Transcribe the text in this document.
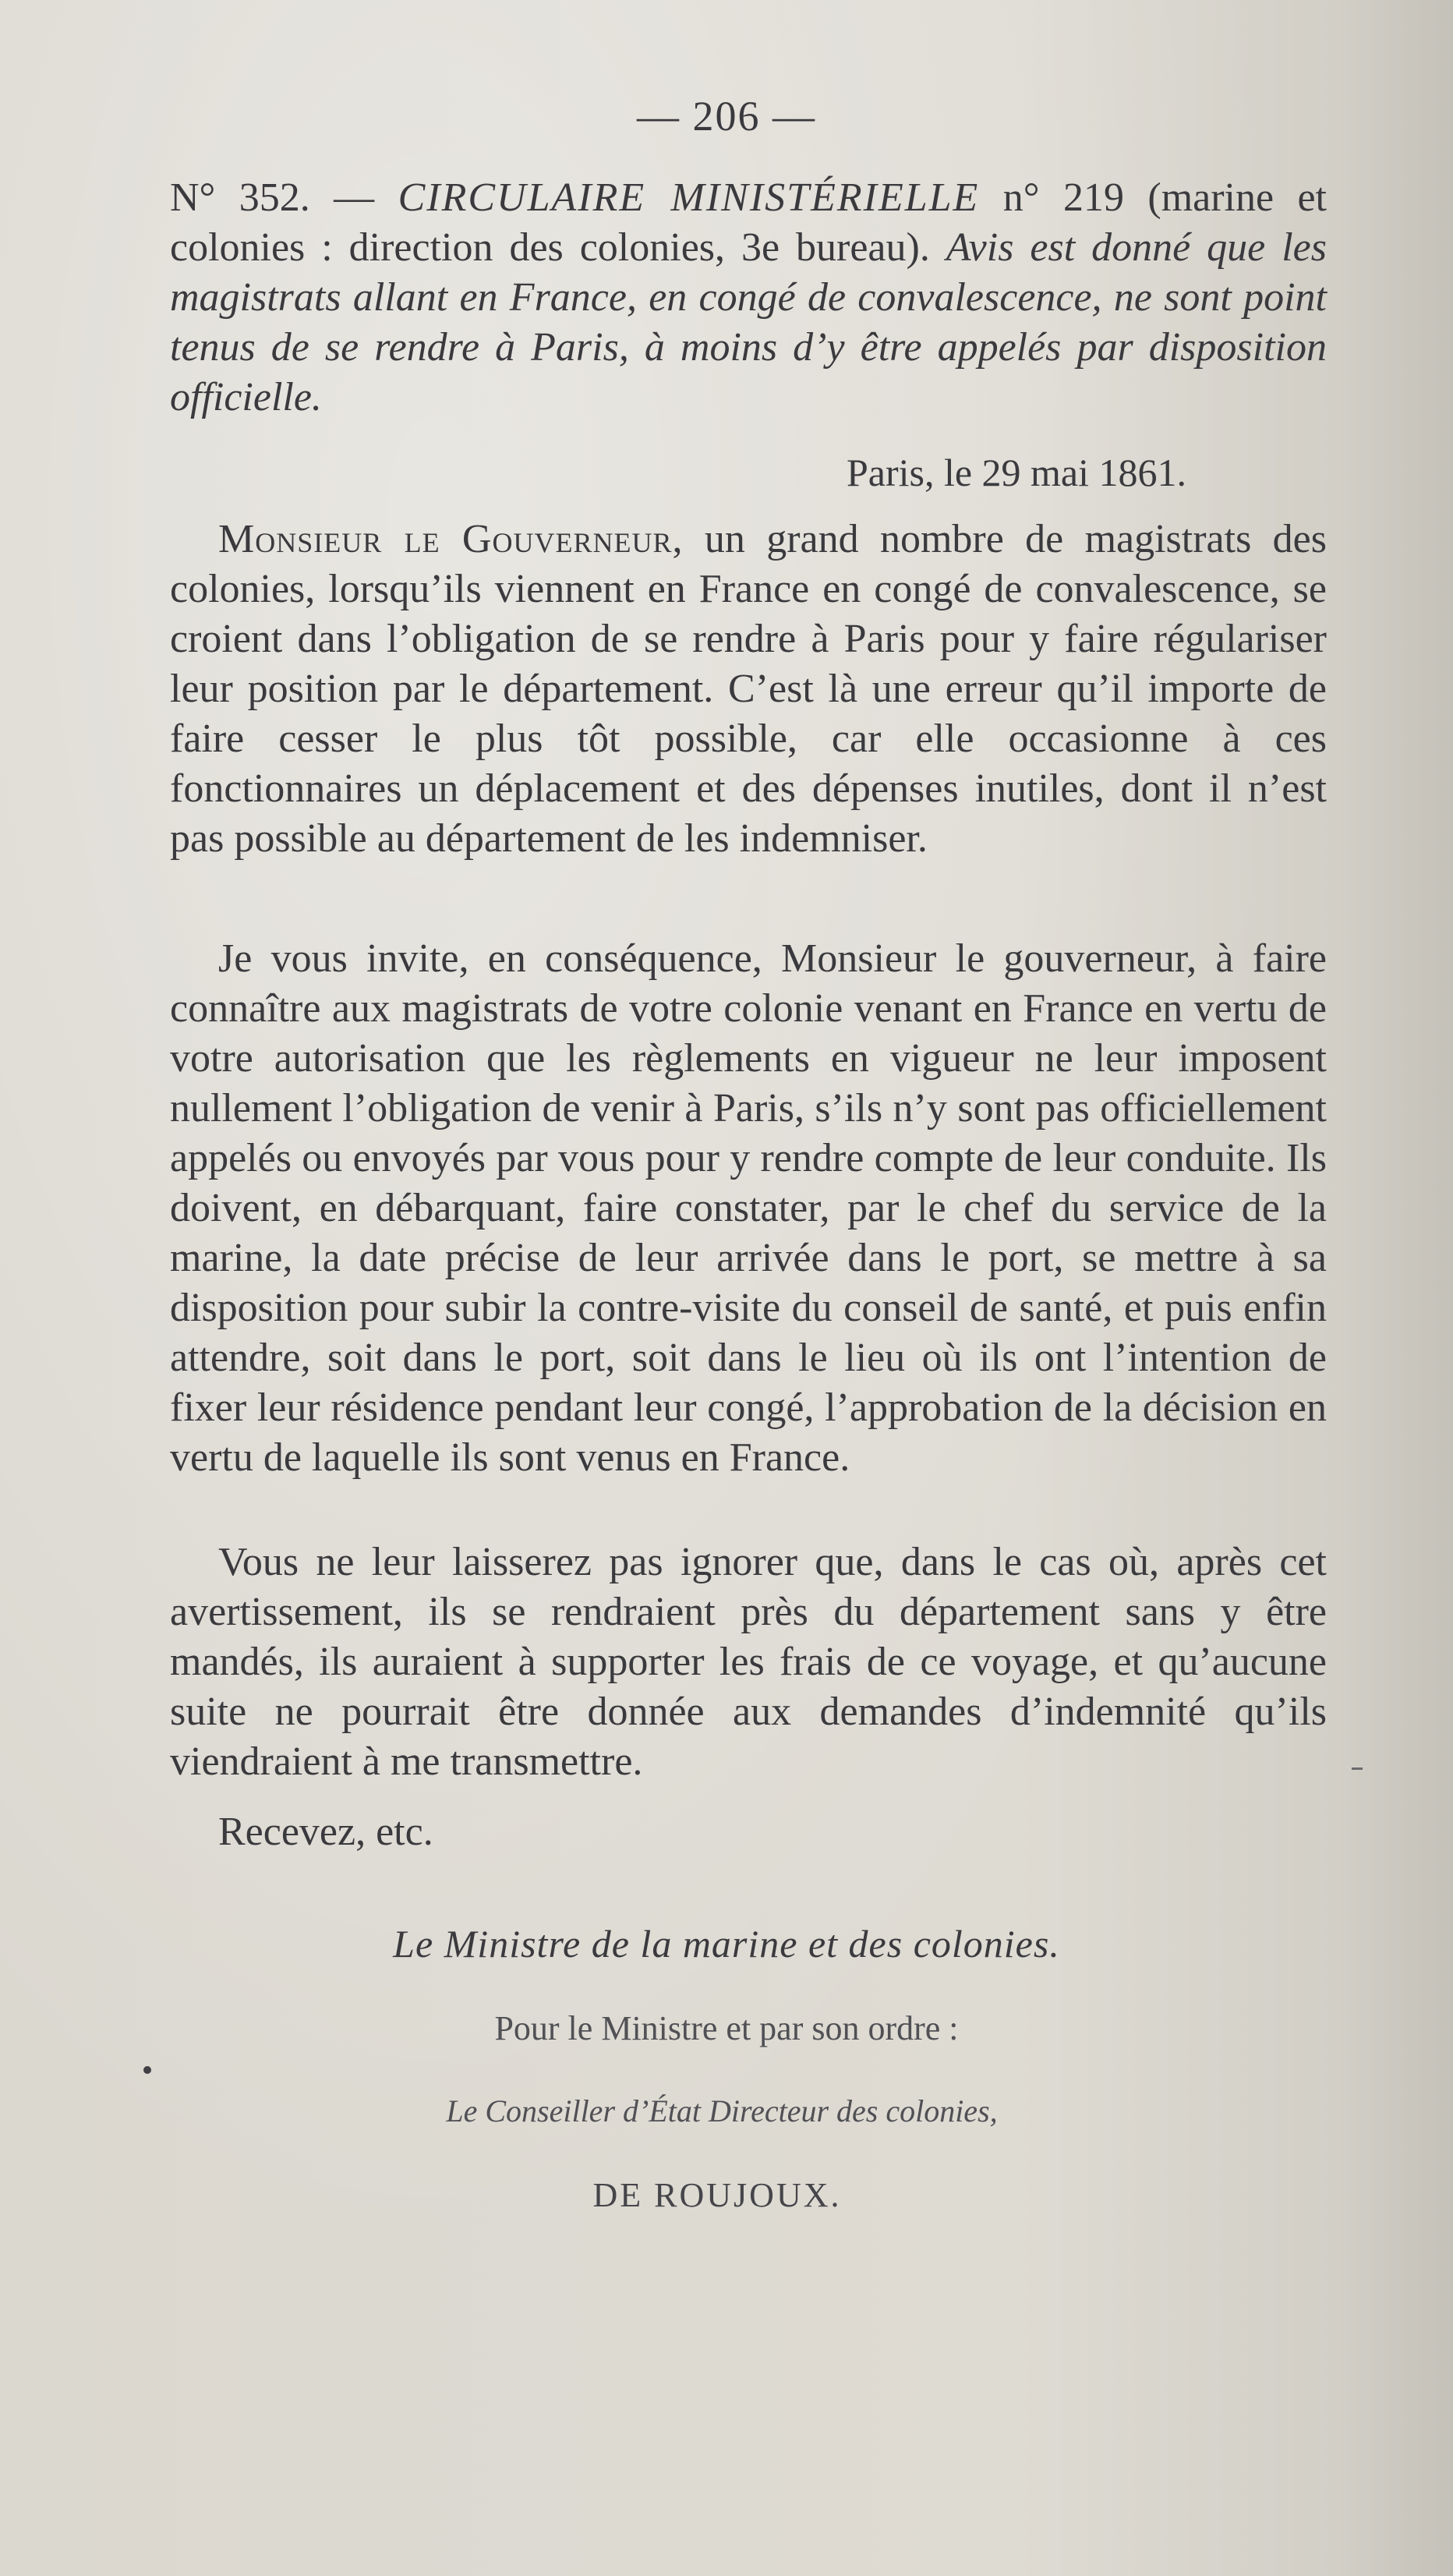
— 206 —
N° 352. — CIRCULAIRE MINISTÉRIELLE n° 219 (marine et colonies : direction des colonies, 3e bureau). Avis est donné que les magistrats allant en France, en congé de convalescence, ne sont point tenus de se rendre à Paris, à moins d’y être appelés par disposition officielle.
Paris, le 29 mai 1861.

Monsieur le Gouverneur, un grand nombre de magistrats des colonies, lorsqu’ils viennent en France en congé de convalescence, se croient dans l’obligation de se rendre à Paris pour y faire régulariser leur position par le département. C’est là une erreur qu’il importe de faire cesser le plus tôt possible, car elle occasionne à ces fonctionnaires un déplacement et des dépenses inutiles, dont il n’est pas possible au département de les indemniser.

Je vous invite, en conséquence, Monsieur le gouverneur, à faire connaître aux magistrats de votre colonie venant en France en vertu de votre autorisation que les règlements en vigueur ne leur imposent nullement l’obligation de venir à Paris, s’ils n’y sont pas officiellement appelés ou envoyés par vous pour y rendre compte de leur conduite. Ils doivent, en débarquant, faire constater, par le chef du service de la marine, la date précise de leur arrivée dans le port, se mettre à sa disposition pour subir la contre-visite du conseil de santé, et puis enfin attendre, soit dans le port, soit dans le lieu où ils ont l’intention de fixer leur résidence pendant leur congé, l’approbation de la décision en vertu de laquelle ils sont venus en France.

Vous ne leur laisserez pas ignorer que, dans le cas où, après cet avertissement, ils se rendraient près du département sans y être mandés, ils auraient à supporter les frais de ce voyage, et qu’aucune suite ne pourrait être donnée aux demandes d’indemnité qu’ils viendraient à me transmettre.

Recevez, etc.

Le Ministre de la marine et des colonies.
Pour le Ministre et par son ordre :
Le Conseiller d’État Directeur des colonies,
DE ROUJOUX.
